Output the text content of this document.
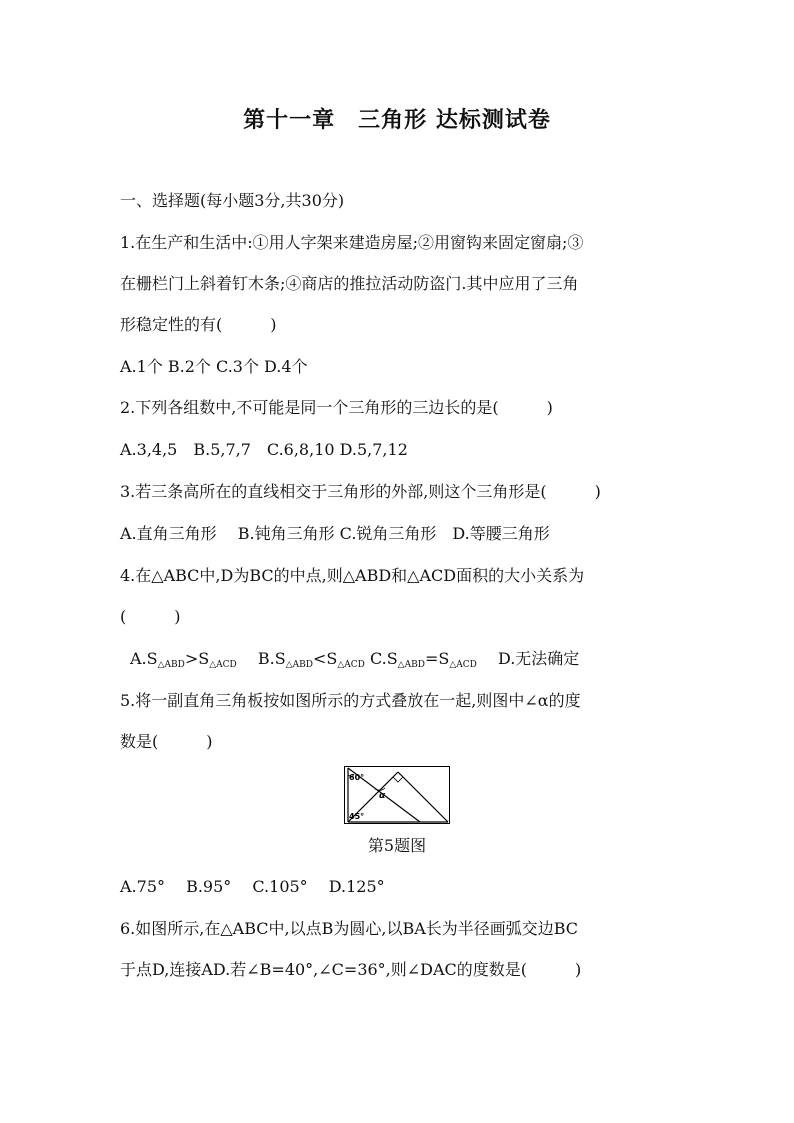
第十一章　三角形 达标测试卷
一、选择题(每小题3分,共30分)
1.在生产和生活中:①用人字架来建造房屋;②用窗钩来固定窗扇;③
在栅栏门上斜着钉木条;④商店的推拉活动防盗门.其中应用了三角
形稳定性的有(　　　)
A.1个 B.2个 C.3个 D.4个
2.下列各组数中,不可能是同一个三角形的三边长的是(　　　)
A.3,4,5　B.5,7,7　C.6,8,10 D.5,7,12
3.若三条高所在的直线相交于三角形的外部,则这个三角形是(　　　)
A.直角三角形　 B.钝角三角形 C.锐角三角形　D.等腰三角形
4.在△ABC中,D为BC的中点,则△ABD和△ACD面积的大小关系为
(　　　)
$A.S_{\triangle ABD}>S_{\triangle ACD}$　 $B.S_{\triangle ABD}<S_{\triangle ACD}$ $C.S_{\triangle ABD}=S_{\triangle ACD}$　 D.无法确定
5.将一副直角三角板按如图所示的方式叠放在一起,则图中∠α的度
数是(　　　)
60°
α
45°
第5题图
A.75°　 B.95°　 C.105°　 D.125°
6.如图所示,在△ABC中,以点B为圆心,以BA长为半径画弧交边BC
于点D,连接AD.若∠B=40°,∠C=36°,则∠DAC的度数是(　　　)
